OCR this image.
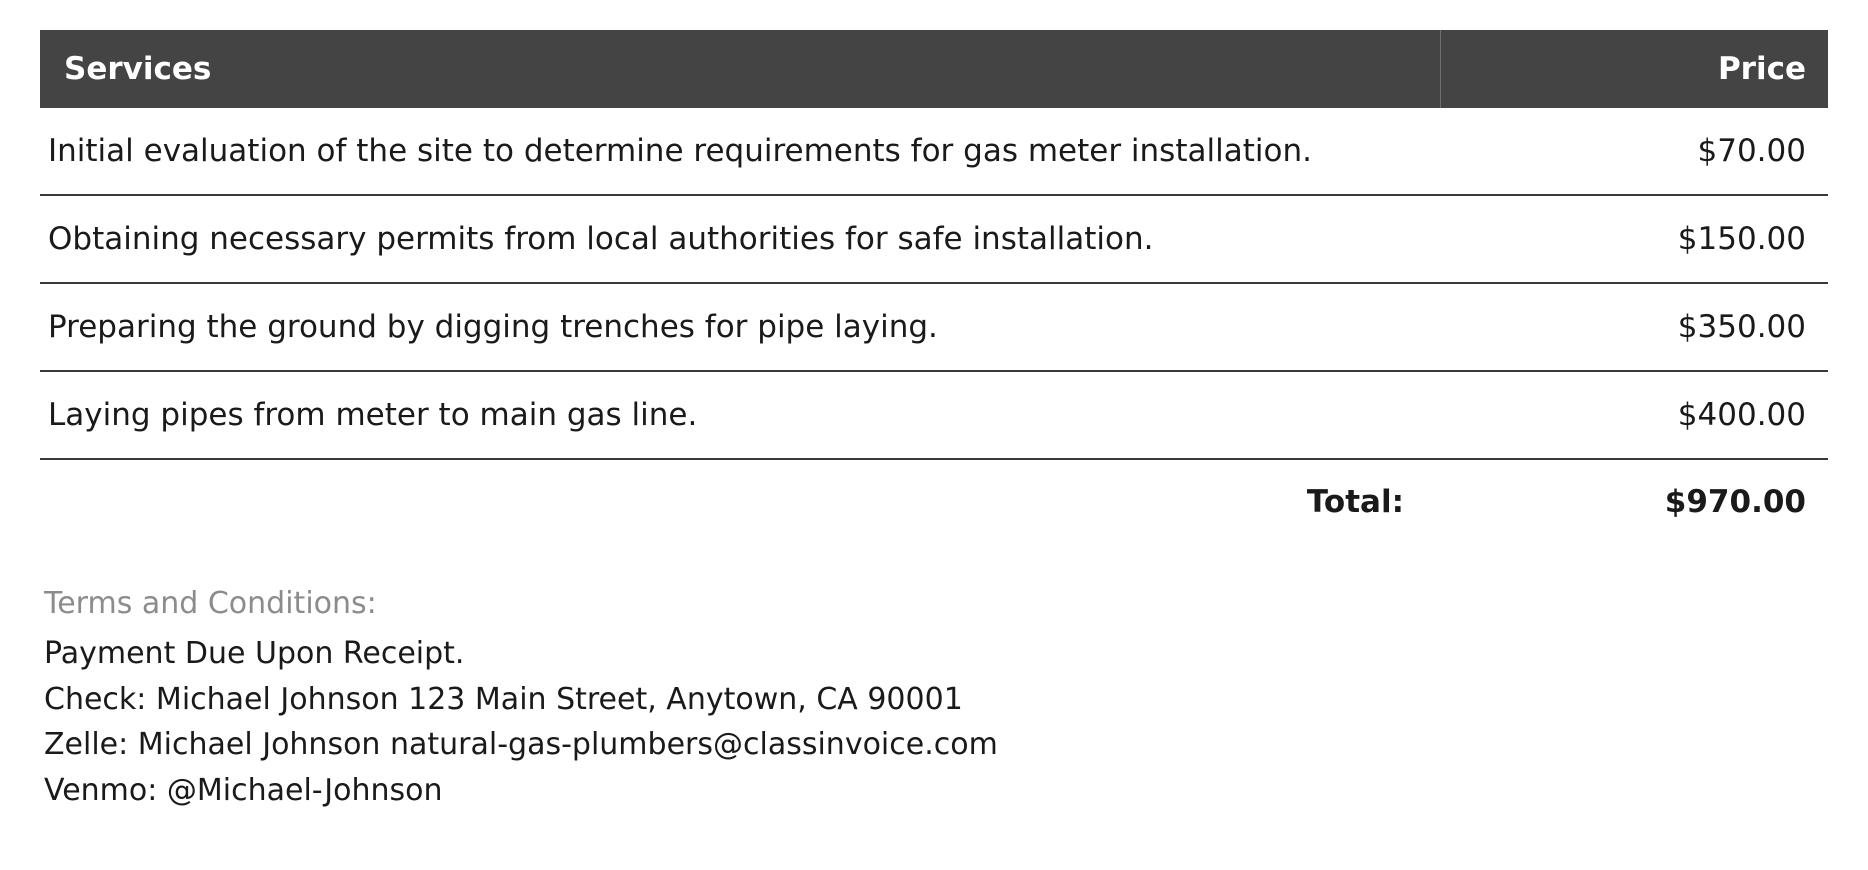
Services	Price
Initial evaluation of the site to determine requirements for gas meter installation.	$70.00
Obtaining necessary permits from local authorities for safe installation.	$150.00
Preparing the ground by digging trenches for pipe laying.	$350.00
Laying pipes from meter to main gas line.	$400.00
Total:	$970.00
Terms and Conditions:
Payment Due Upon Receipt.
Check: Michael Johnson 123 Main Street, Anytown, CA 90001
Zelle: Michael Johnson natural-gas-plumbers@classinvoice.com
Venmo: @Michael-Johnson
